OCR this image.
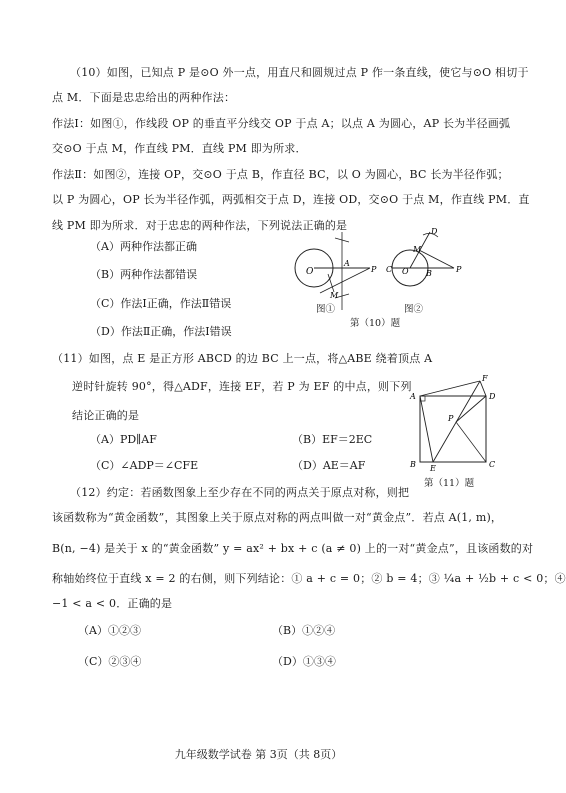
（10）如图，已知点 P 是⊙O 外一点，用直尺和圆规过点 P 作一条直线，使它与⊙O 相切于
点 M．下面是忠忠给出的两种作法：
作法Ⅰ：如图①，作线段 OP 的垂直平分线交 OP 于点 A；以点 A 为圆心，AP 长为半径画弧
交⊙O 于点 M，作直线 PM．直线 PM 即为所求．
作法Ⅱ：如图②，连接 OP，交⊙O 于点 B，作直径 BC，以 O 为圆心，BC 长为半径作弧；
以 P 为圆心，OP 长为半径作弧，两弧相交于点 D，连接 OD，交⊙O 于点 M，作直线 PM．直
线 PM 即为所求．对于忠忠的两种作法，下列说法正确的是
（A）两种作法都正确
（B）两种作法都错误
（C）作法Ⅰ正确，作法Ⅱ错误
（D）作法Ⅱ正确，作法Ⅰ错误
O
A
P
M
图①
O B	P
M
D
C
图②
第（10）题
（11）如图，点 E 是正方形 ABCD 的边 BC 上一点，将△ABE 绕着顶点 A
逆时针旋转 90°，得△ADF，连接 EF，若 P 为 EF 的中点，则下列
结论正确的是
（A）PD∥AF	（B）EF＝2EC
（C）∠ADP＝∠CFE	（D）AE＝AF
A
B	C
D
E
F
P
第（11）题
（12）约定：若函数图象上至少存在不同的两点关于原点对称，则把
该函数称为“黄金函数”，其图象上关于原点对称的两点叫做一对“黄金点”．若点 A(1, m)，
B(n, −4) 是关于 x 的“黄金函数” y = ax² + bx + c (a ≠ 0) 上的一对“黄金点”，且该函数的对
称轴始终位于直线 x = 2 的右侧，则下列结论：① a + c = 0；② b = 4；③ ¼a + ½b + c < 0；④
−1 < a < 0．正确的是
（A）①②③	（B）①②④
（C）②③④	（D）①③④
九年级数学试卷 第 3页（共 8页）
